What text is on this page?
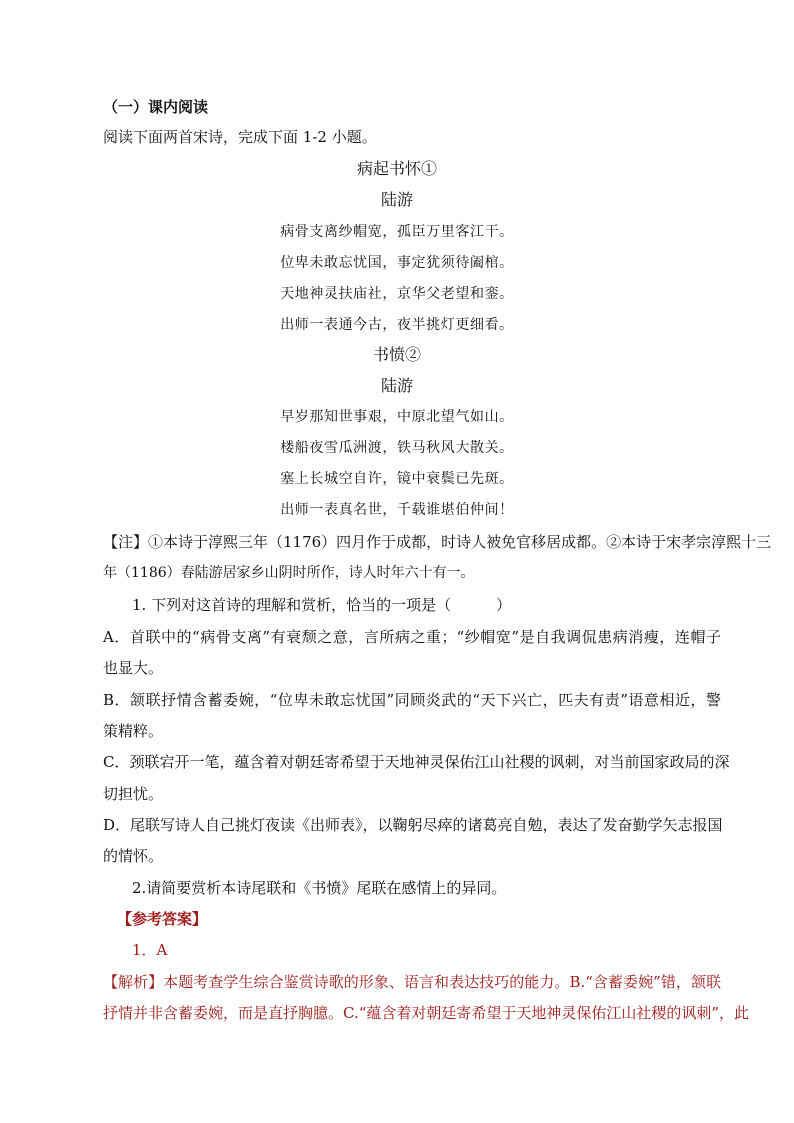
（一）课内阅读
阅读下面两首宋诗，完成下面 1-2 小题。
病起书怀①
陆游
病骨支离纱帽宽，孤臣万里客江干。
位卑未敢忘忧国，事定犹须待阖棺。
天地神灵扶庙社，京华父老望和銮。
出师一表通今古，夜半挑灯更细看。
书愤②
陆游
早岁那知世事艰，中原北望气如山。
楼船夜雪瓜洲渡，铁马秋风大散关。
塞上长城空自许，镜中衰鬓已先斑。
出师一表真名世，千载谁堪伯仲间！
【注】①本诗于淳熙三年（1176）四月作于成都，时诗人被免官移居成都。②本诗于宋孝宗淳熙十三
年（1186）春陆游居家乡山阴时所作，诗人时年六十有一。
1. 下列对这首诗的理解和赏析，恰当的一项是（　　　）
A．首联中的“病骨支离”有衰颓之意，言所病之重；“纱帽宽”是自我调侃患病消瘦，连帽子
也显大。
B．颔联抒情含蓄委婉，“位卑未敢忘忧国”同顾炎武的“天下兴亡，匹夫有责”语意相近，警
策精粹。
C．颈联宕开一笔，蕴含着对朝廷寄希望于天地神灵保佑江山社稷的讽刺，对当前国家政局的深
切担忧。
D．尾联写诗人自己挑灯夜读《出师表》，以鞠躬尽瘁的诸葛亮自勉，表达了发奋勤学矢志报国
的情怀。
2.请简要赏析本诗尾联和《书愤》尾联在感情上的异同。
【参考答案】
1．A
【解析】本题考查学生综合鉴赏诗歌的形象、语言和表达技巧的能力。B.“含蓄委婉”错，颔联
抒情并非含蓄委婉，而是直抒胸臆。C.“蕴含着对朝廷寄希望于天地神灵保佑江山社稷的讽刺”，此
